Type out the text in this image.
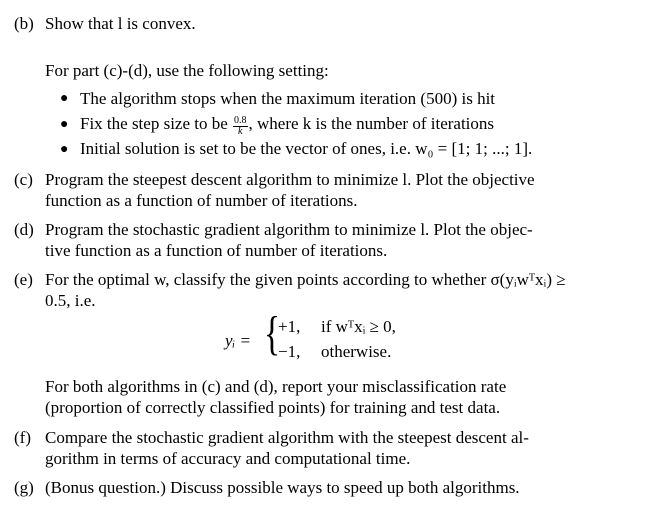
(b) Show that l is convex.
For part (c)-(d), use the following setting:
● The algorithm stops when the maximum iteration (500) is hit
● Fix the step size to be $\frac{0.8}{k}$ , where k is the number of iterations
● Initial solution is set to be the vector of ones, i.e. w₀ = [1; 1; ...; 1].
(c) Program the steepest descent algorithm to minimize l. Plot the objective
function as a function of number of iterations.
(d) Program the stochastic gradient algorithm to minimize l. Plot the objec-
tive function as a function of number of iterations.
(e) For the optimal w, classify the given points according to whether σ(yᵢwᵀxᵢ) ≥
0.5, i.e.
yᵢ = {
+1, if wᵀxᵢ ≥ 0,
−1, otherwise.
For both algorithms in (c) and (d), report your misclassification rate
(proportion of correctly classified points) for training and test data.
(f) Compare the stochastic gradient algorithm with the steepest descent al-
gorithm in terms of accuracy and computational time.
(g) (Bonus question.) Discuss possible ways to speed up both algorithms.
